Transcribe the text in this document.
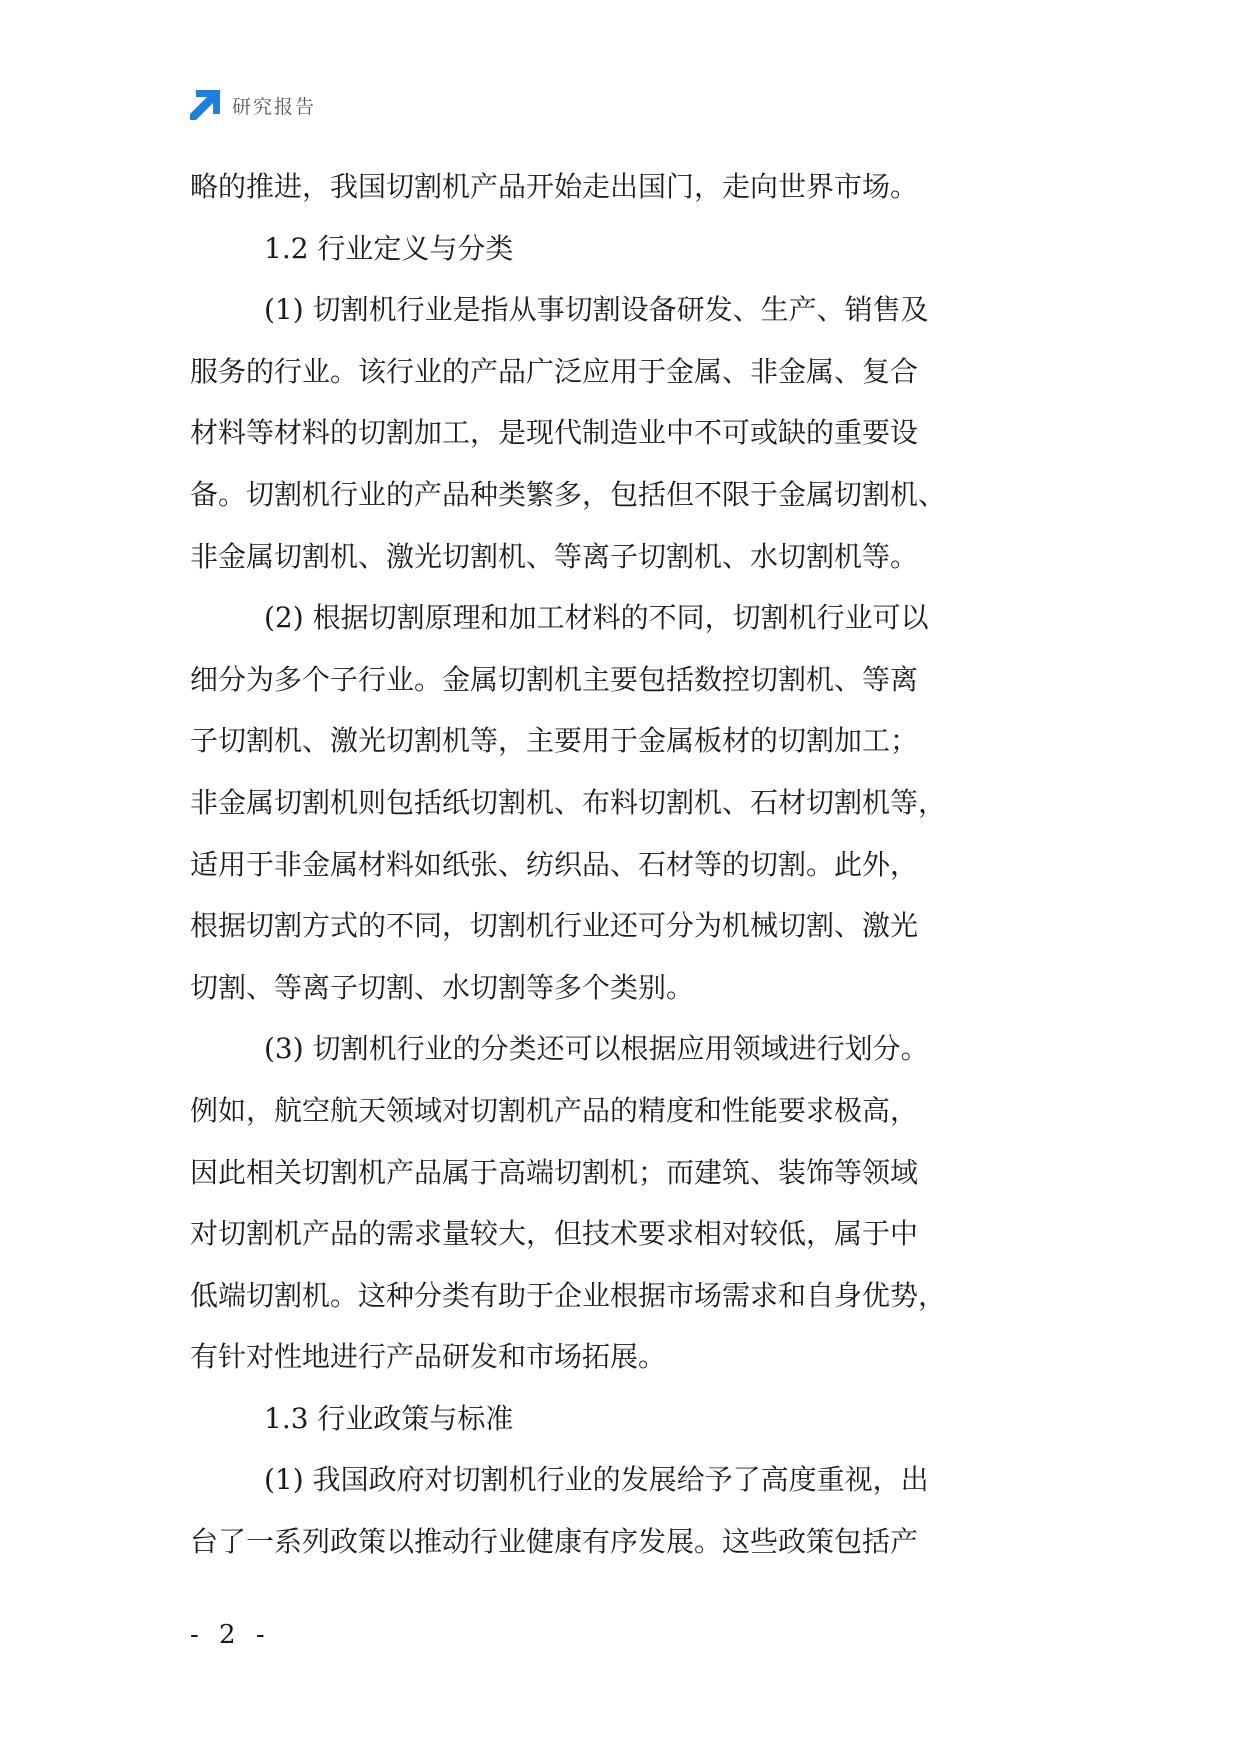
研究报告
略的推进，我国切割机产品开始走出国门，走向世界市场。
1.2 行业定义与分类
(1) 切割机行业是指从事切割设备研发、生产、销售及
服务的行业。该行业的产品广泛应用于金属、非金属、复合
材料等材料的切割加工，是现代制造业中不可或缺的重要设
备。切割机行业的产品种类繁多，包括但不限于金属切割机、
非金属切割机、激光切割机、等离子切割机、水切割机等。
(2) 根据切割原理和加工材料的不同，切割机行业可以
细分为多个子行业。金属切割机主要包括数控切割机、等离
子切割机、激光切割机等，主要用于金属板材的切割加工；
非金属切割机则包括纸切割机、布料切割机、石材切割机等，
适用于非金属材料如纸张、纺织品、石材等的切割。此外，
根据切割方式的不同，切割机行业还可分为机械切割、激光
切割、等离子切割、水切割等多个类别。
(3) 切割机行业的分类还可以根据应用领域进行划分。
例如，航空航天领域对切割机产品的精度和性能要求极高，
因此相关切割机产品属于高端切割机；而建筑、装饰等领域
对切割机产品的需求量较大，但技术要求相对较低，属于中
低端切割机。这种分类有助于企业根据市场需求和自身优势，
有针对性地进行产品研发和市场拓展。
1.3 行业政策与标准
(1) 我国政府对切割机行业的发展给予了高度重视，出
台了一系列政策以推动行业健康有序发展。这些政策包括产
- 2 -
